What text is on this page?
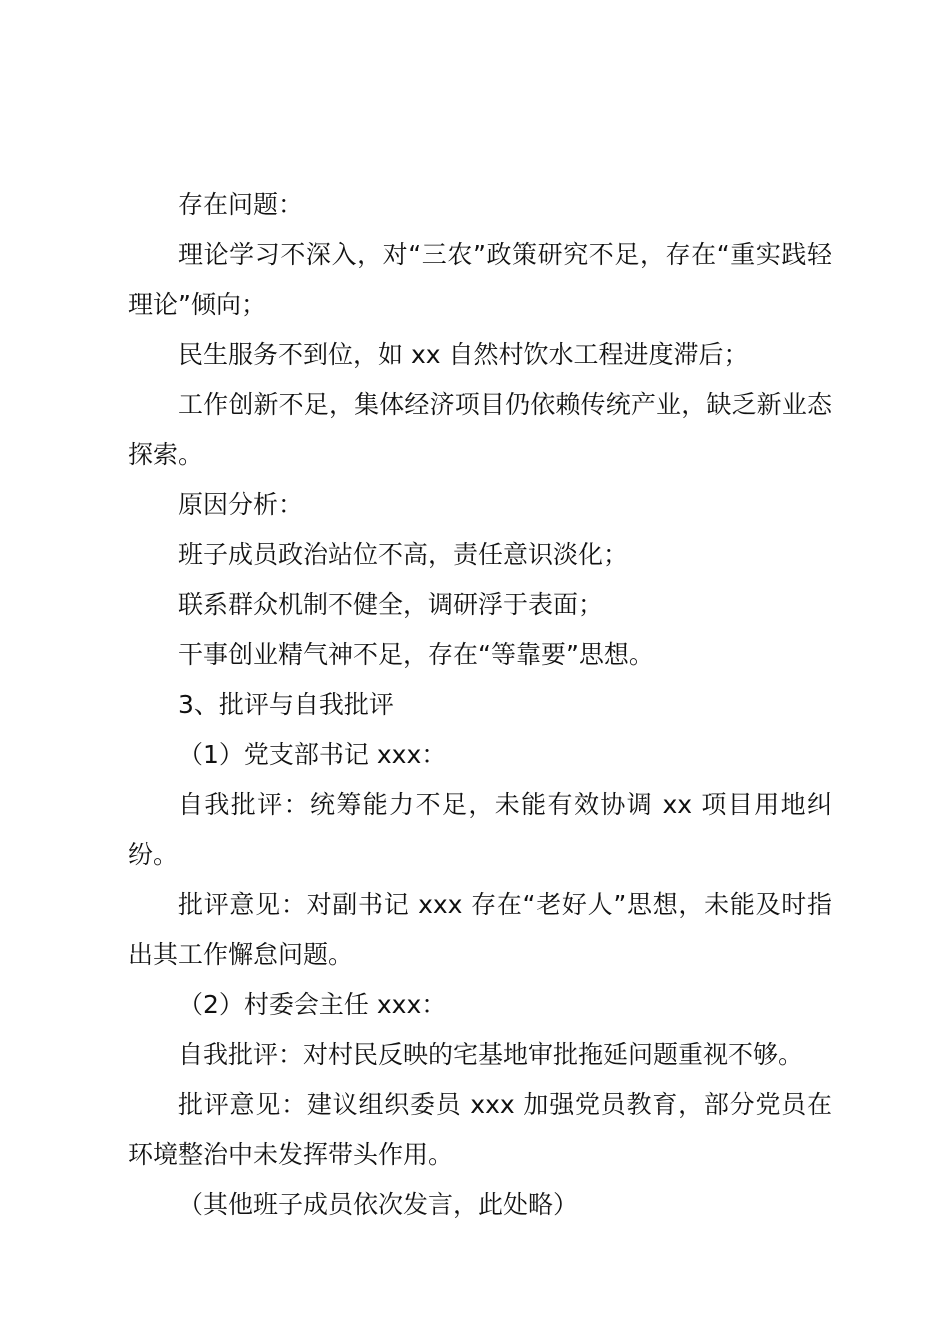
存在问题：

理论学习不深入，对“三农”政策研究不足，存在“重实践轻理论”倾向；

民生服务不到位，如 xx 自然村饮水工程进度滞后；

工作创新不足，集体经济项目仍依赖传统产业，缺乏新业态探索。

原因分析：

班子成员政治站位不高，责任意识淡化；

联系群众机制不健全，调研浮于表面；

干事创业精气神不足，存在“等靠要”思想。

3、批评与自我批评

（1）党支部书记 xxx：

自我批评：统筹能力不足，未能有效协调 xx 项目用地纠纷。

批评意见：对副书记 xxx 存在“老好人”思想，未能及时指出其工作懈怠问题。

（2）村委会主任 xxx：

自我批评：对村民反映的宅基地审批拖延问题重视不够。

批评意见：建议组织委员 xxx 加强党员教育，部分党员在环境整治中未发挥带头作用。

（其他班子成员依次发言，此处略）
